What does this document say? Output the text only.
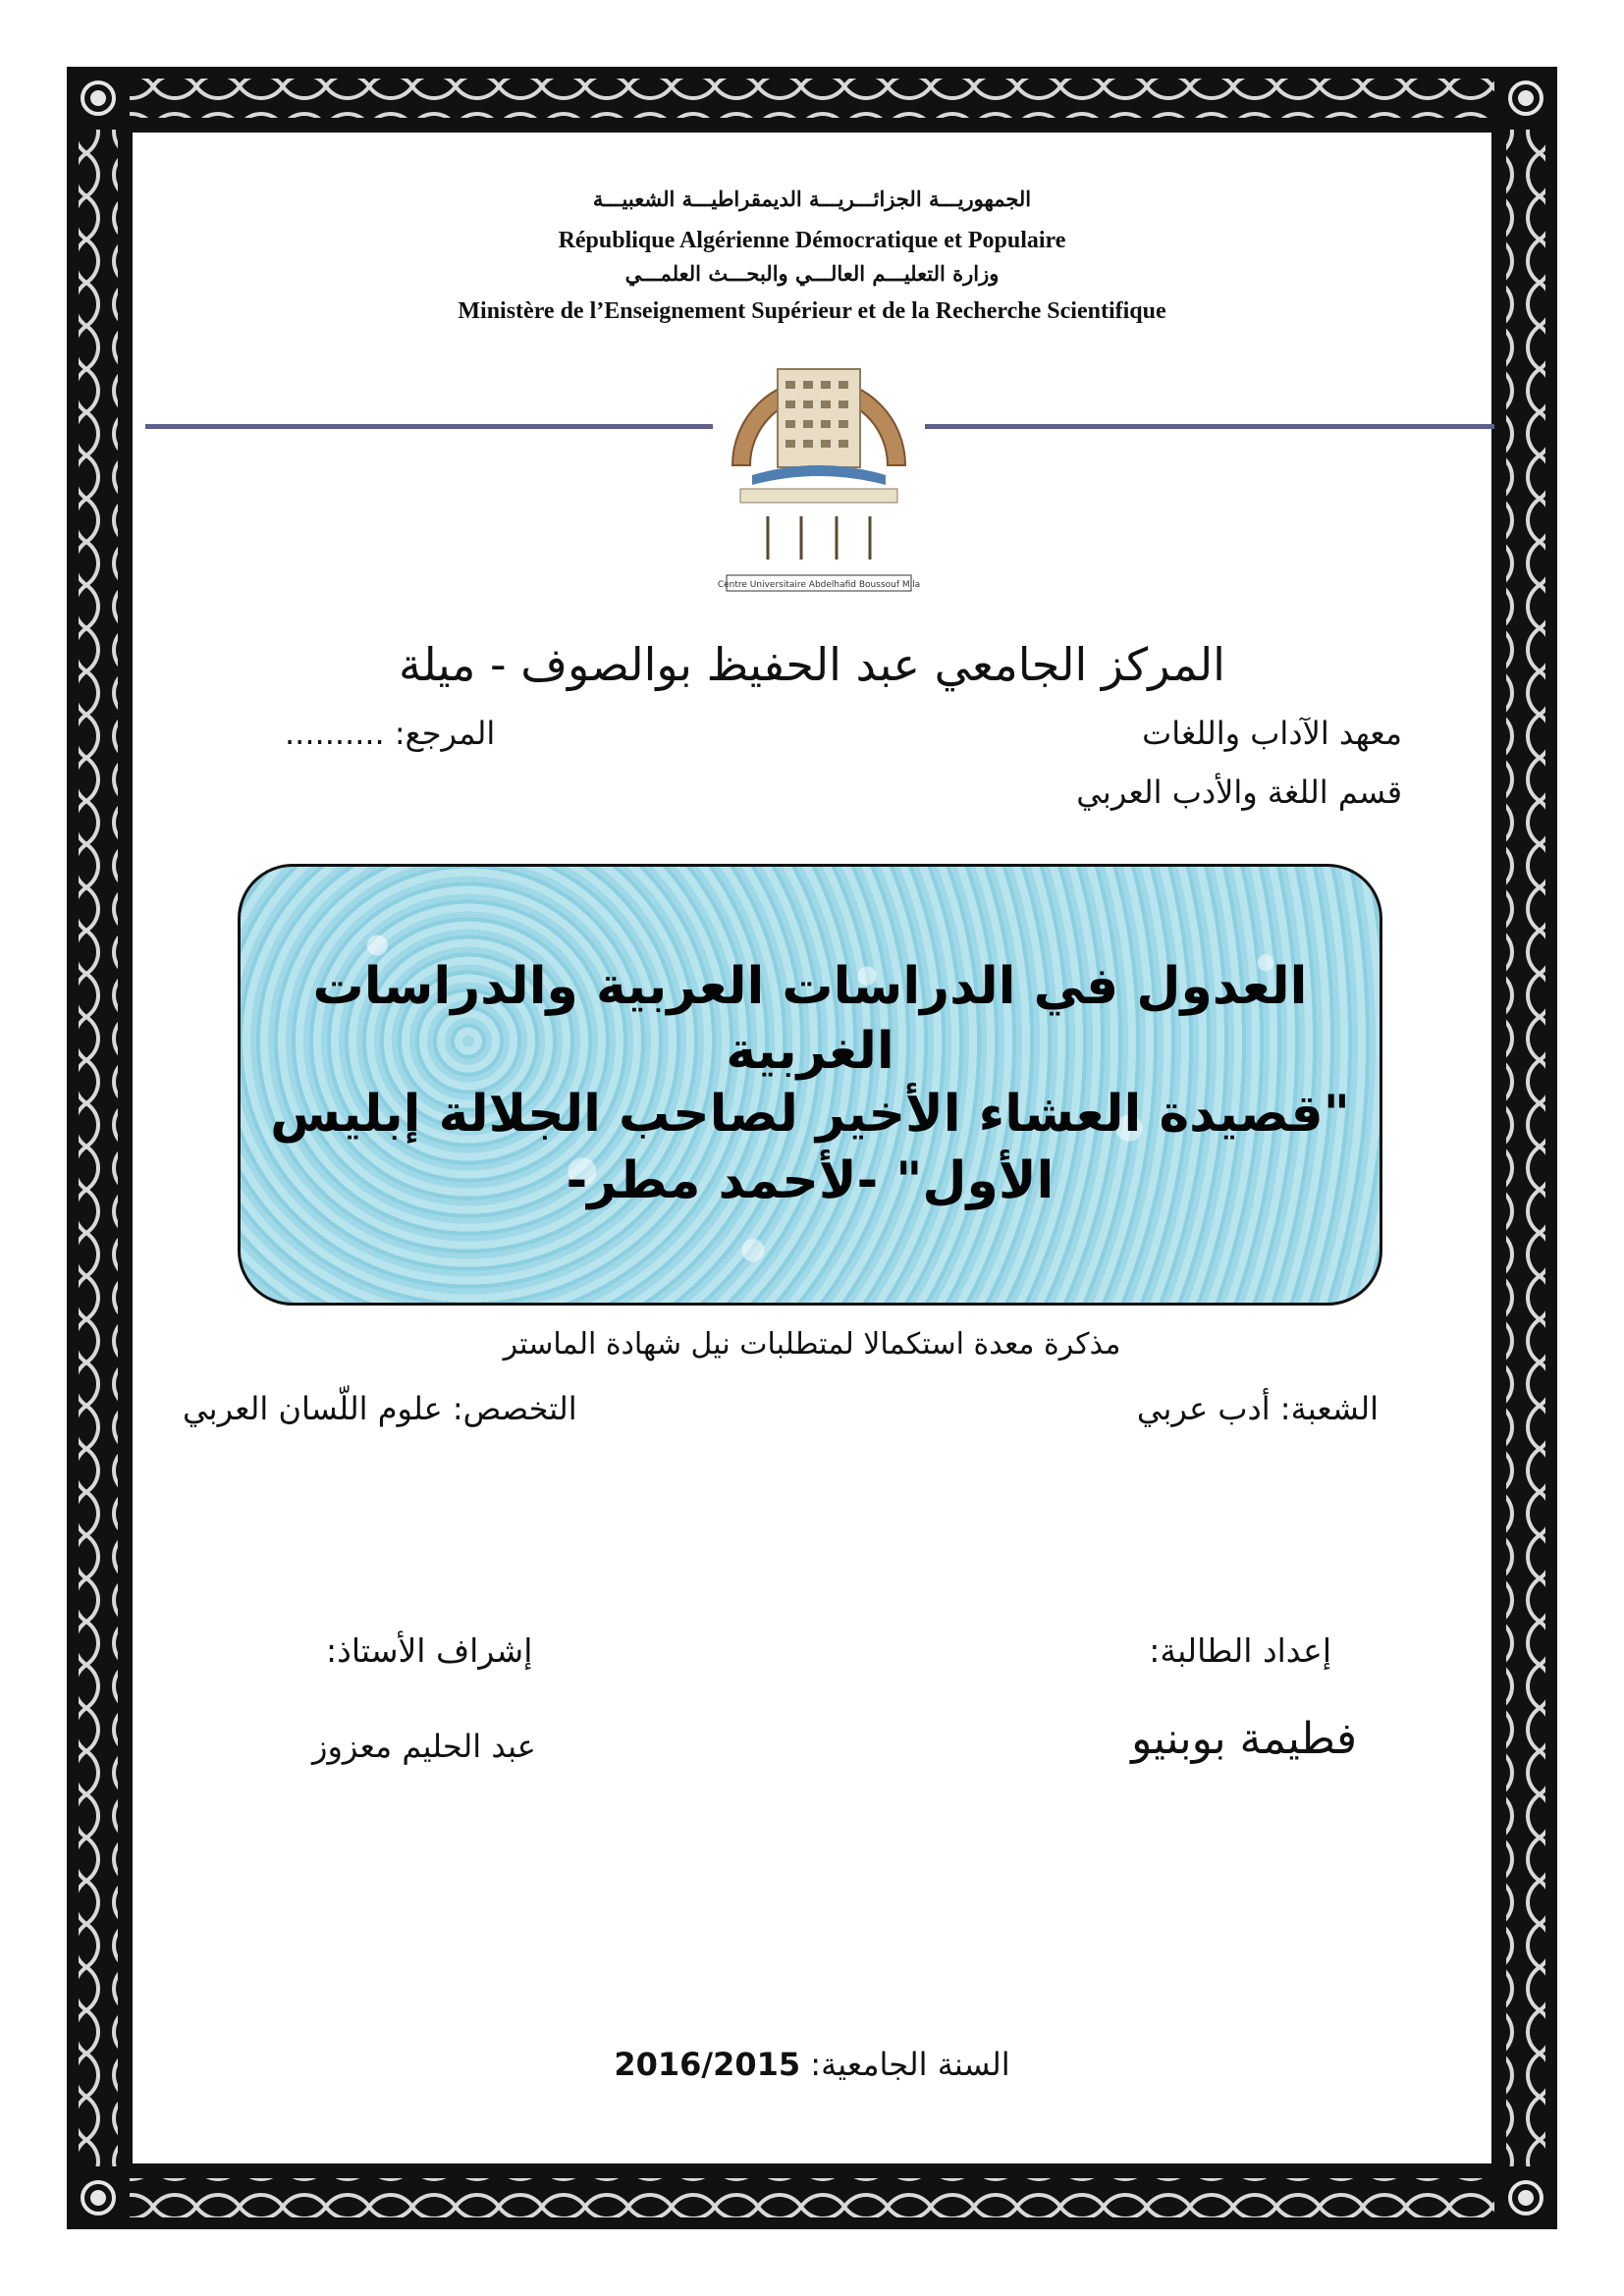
الجمهوريـــة الجزائـــريـــة الديمقراطيـــة الشعبيـــة
République Algérienne Démocratique et Populaire
وزارة التعليـــم العالـــي والبحـــث العلمـــي
Ministère de l’Enseignement Supérieur et de la Recherche Scientifique
Centre Universitaire Abdelhafid Boussouf Mila
المركز الجامعي عبد الحفيظ بوالصوف - ميلة
معهد الآداب واللغات
المرجع: ..........
قسم اللغة والأدب العربي
العدول في الدراسات العربية والدراسات
الغربية
"قصيدة العشاء الأخير لصاحب الجلالة إبليس
الأول" -لأحمد مطر-
مذكرة معدة استكمالا لمتطلبات نيل شهادة الماستر
الشعبة: أدب عربي
التخصص: علوم اللّسان العربي
إعداد الطالبة:
إشراف الأستاذ:
فطيمة بوبنيو
عبد الحليم معزوز
السنة الجامعية: 2016/2015
